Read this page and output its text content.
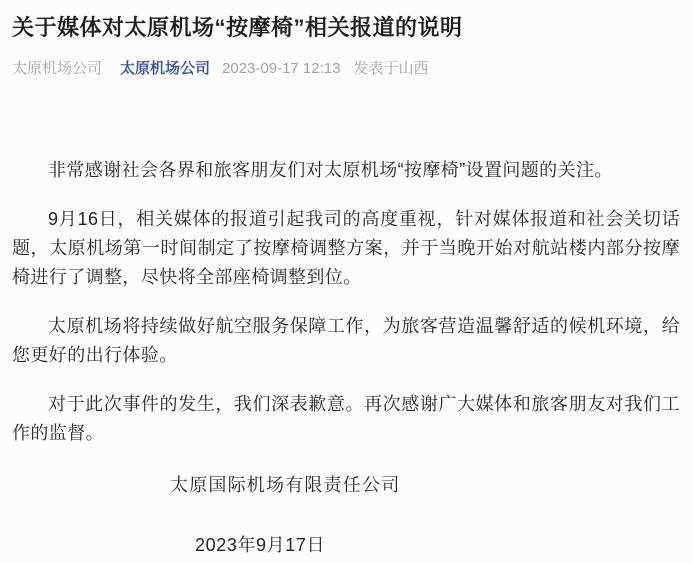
关于媒体对太原机场“按摩椅”相关报道的说明
太原机场公司 太原机场公司 2023-09-17 12:13 发表于山西

非常感谢社会各界和旅客朋友们对太原机场“按摩椅”设置问题的关注。

9月16日，相关媒体的报道引起我司的高度重视，针对媒体报道和社会关切话题，太原机场第一时间制定了按摩椅调整方案，并于当晚开始对航站楼内部分按摩椅进行了调整，尽快将全部座椅调整到位。

太原机场将持续做好航空服务保障工作，为旅客营造温馨舒适的候机环境，给您更好的出行体验。

对于此次事件的发生，我们深表歉意。再次感谢广大媒体和旅客朋友对我们工作的监督。

太原国际机场有限责任公司
2023年9月17日
